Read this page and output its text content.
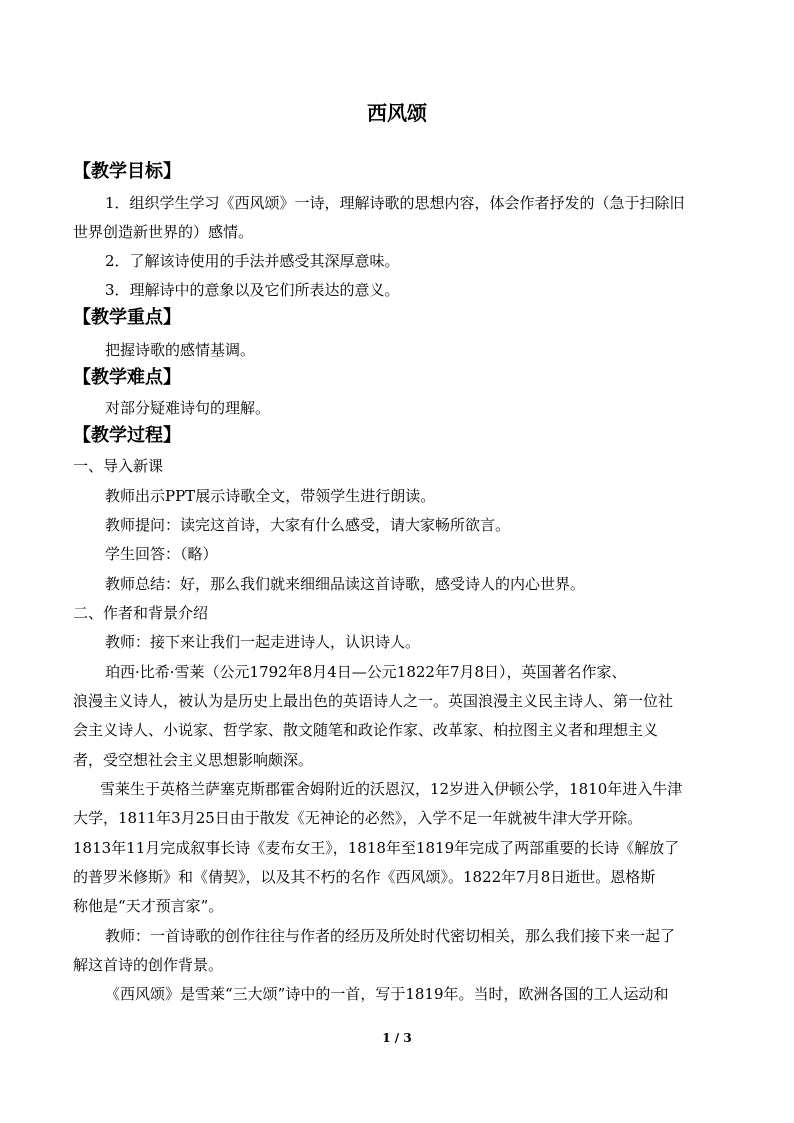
西风颂
【教学目标】
1．组织学生学习《西风颂》一诗，理解诗歌的思想内容，体会作者抒发的（急于扫除旧
世界创造新世界的）感情。
2．了解该诗使用的手法并感受其深厚意味。
3．理解诗中的意象以及它们所表达的意义。
【教学重点】
把握诗歌的感情基调。
【教学难点】
对部分疑难诗句的理解。
【教学过程】
一、导入新课
教师出示PPT展示诗歌全文，带领学生进行朗读。
教师提问：读完这首诗，大家有什么感受，请大家畅所欲言。
学生回答：（略）
教师总结：好，那么我们就来细细品读这首诗歌，感受诗人的内心世界。
二、作者和背景介绍
教师：接下来让我们一起走进诗人，认识诗人。
珀西·比希·雪莱（公元1792年8月4日—公元1822年7月8日），英国著名作家、
浪漫主义诗人，被认为是历史上最出色的英语诗人之一。英国浪漫主义民主诗人、第一位社
会主义诗人、小说家、哲学家、散文随笔和政论作家、改革家、柏拉图主义者和理想主义
者，受空想社会主义思想影响颇深。
雪莱生于英格兰萨塞克斯郡霍舍姆附近的沃恩汉，12岁进入伊顿公学，1810年进入牛津
大学，1811年3月25日由于散发《无神论的必然》，入学不足一年就被牛津大学开除。
1813年11月完成叙事长诗《麦布女王》，1818年至1819年完成了两部重要的长诗《解放了
的普罗米修斯》和《倩契》，以及其不朽的名作《西风颂》。1822年7月8日逝世。恩格斯
称他是“天才预言家”。
教师：一首诗歌的创作往往与作者的经历及所处时代密切相关，那么我们接下来一起了
解这首诗的创作背景。
《西风颂》是雪莱“三大颂”诗中的一首，写于1819年。当时，欧洲各国的工人运动和
1 / 3
